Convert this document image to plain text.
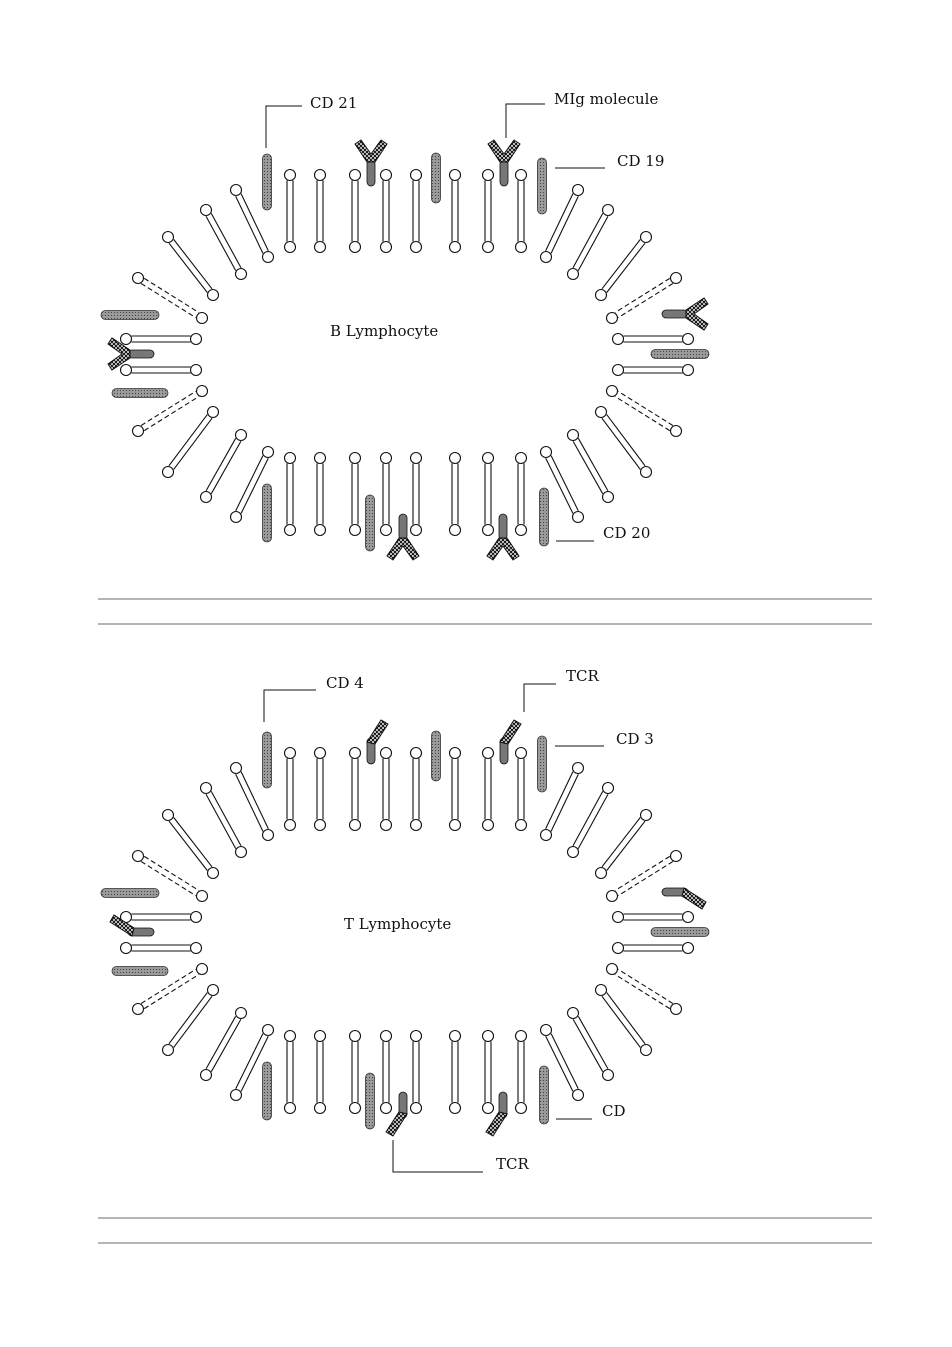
B Lymphocyte
CD 21	MIg molecule
CD 19
CD 20
T Lymphocyte
CD 4	TCR
CD 3
CD
TCR
